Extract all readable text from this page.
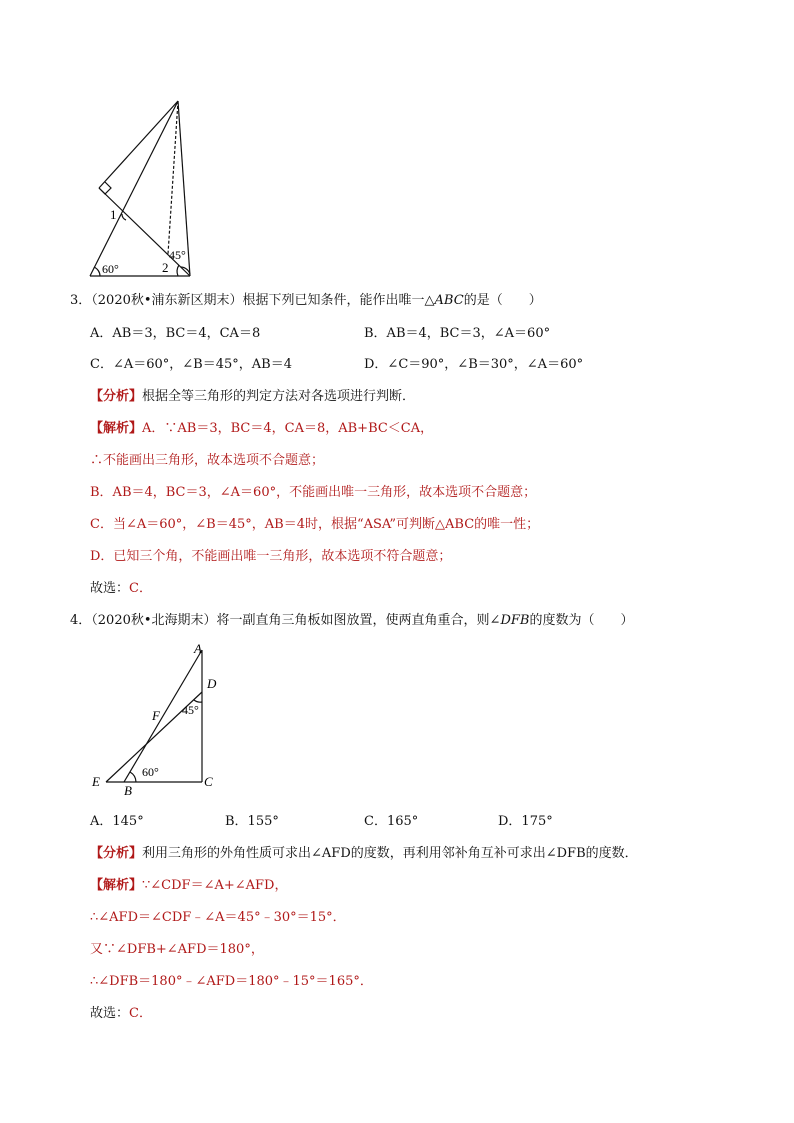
1
60°	2
45°
3．（2020秋•浦东新区期末）根据下列已知条件，能作出唯一△ABC的是（　　）
A．AB＝3，BC＝4，CA＝8	B．AB＝4，BC＝3，∠A＝60°
C．∠A＝60°，∠B＝45°，AB＝4	D．∠C＝90°，∠B＝30°，∠A＝60°
【分析】根据全等三角形的判定方法对各选项进行判断．
【解析】A．∵AB＝3，BC＝4，CA＝8，AB+BC＜CA，
∴不能画出三角形，故本选项不合题意；
B．AB＝4，BC＝3，∠A＝60°，不能画出唯一三角形，故本选项不合题意；
C．当∠A＝60°，∠B＝45°，AB＝4时，根据“ASA”可判断△ABC的唯一性；
D．已知三个角，不能画出唯一三角形，故本选项不符合题意；
故选：C．
4．（2020秋•北海期末）将一副直角三角板如图放置，使两直角重合，则∠DFB的度数为（　　）
A
D
F 45°
60°
E
B
C
A．145°	B．155°	C．165°	D．175°
【分析】利用三角形的外角性质可求出∠AFD的度数，再利用邻补角互补可求出∠DFB的度数．
【解析】∵∠CDF＝∠A+∠AFD，
∴∠AFD＝∠CDF﹣∠A＝45°﹣30°＝15°．
又∵∠DFB+∠AFD＝180°，
∴∠DFB＝180°﹣∠AFD＝180°﹣15°＝165°．
故选：C．
